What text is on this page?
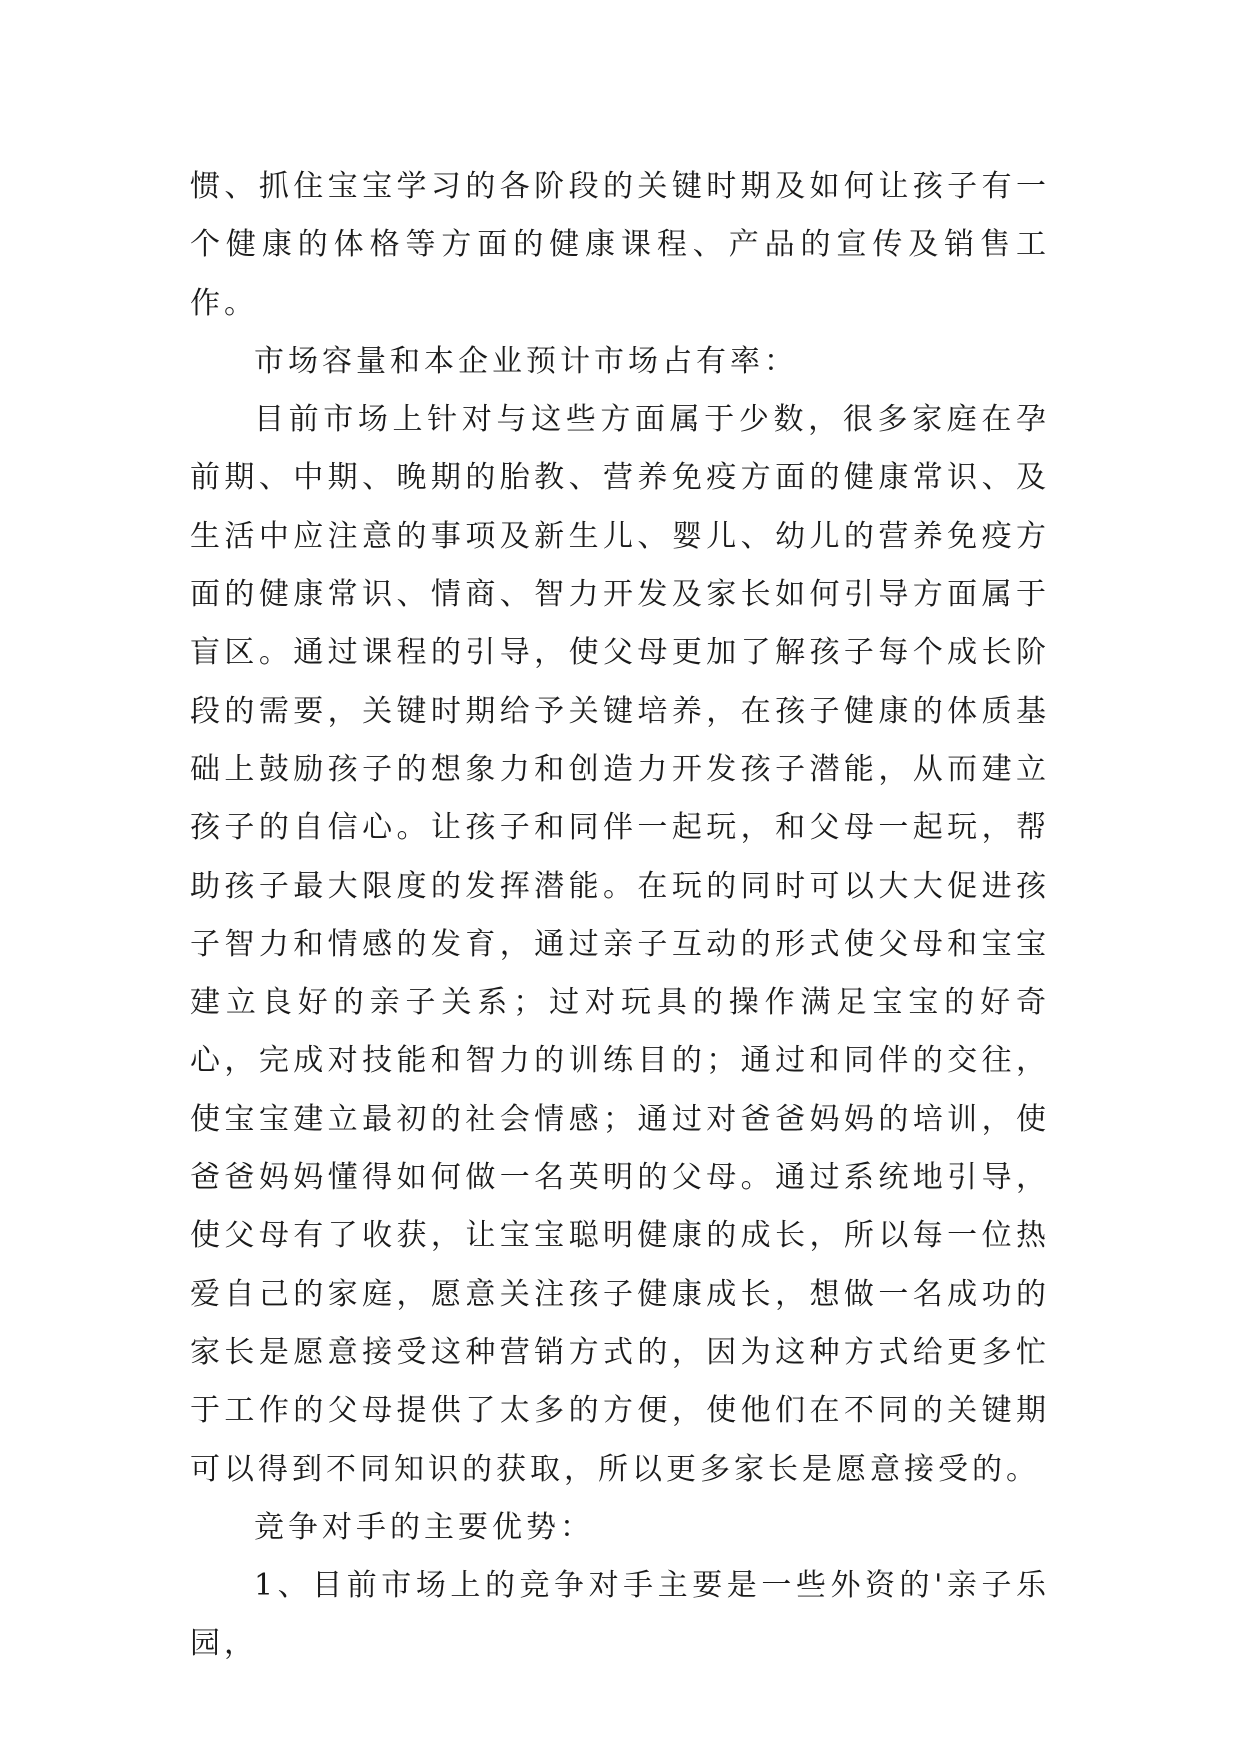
惯、抓住宝宝学习的各阶段的关键时期及如何让孩子有一个健康的体格等方面的健康课程、产品的宣传及销售工作。

市场容量和本企业预计市场占有率：

目前市场上针对与这些方面属于少数，很多家庭在孕前期、中期、晚期的胎教、营养免疫方面的健康常识、及生活中应注意的事项及新生儿、婴儿、幼儿的营养免疫方面的健康常识、情商、智力开发及家长如何引导方面属于盲区。通过课程的引导，使父母更加了解孩子每个成长阶段的需要，关键时期给予关键培养，在孩子健康的体质基础上鼓励孩子的想象力和创造力开发孩子潜能，从而建立孩子的自信心。让孩子和同伴一起玩，和父母一起玩，帮助孩子最大限度的发挥潜能。在玩的同时可以大大促进孩子智力和情感的发育，通过亲子互动的形式使父母和宝宝建立良好的亲子关系；过对玩具的操作满足宝宝的好奇心，完成对技能和智力的训练目的；通过和同伴的交往，使宝宝建立最初的社会情感；通过对爸爸妈妈的培训，使爸爸妈妈懂得如何做一名英明的父母。通过系统地引导，使父母有了收获，让宝宝聪明健康的成长，所以每一位热爱自己的家庭，愿意关注孩子健康成长，想做一名成功的家长是愿意接受这种营销方式的，因为这种方式给更多忙于工作的父母提供了太多的方便，使他们在不同的关键期可以得到不同知识的获取，所以更多家长是愿意接受的。

竞争对手的主要优势：

1、目前市场上的竞争对手主要是一些外资的'亲子乐园，
